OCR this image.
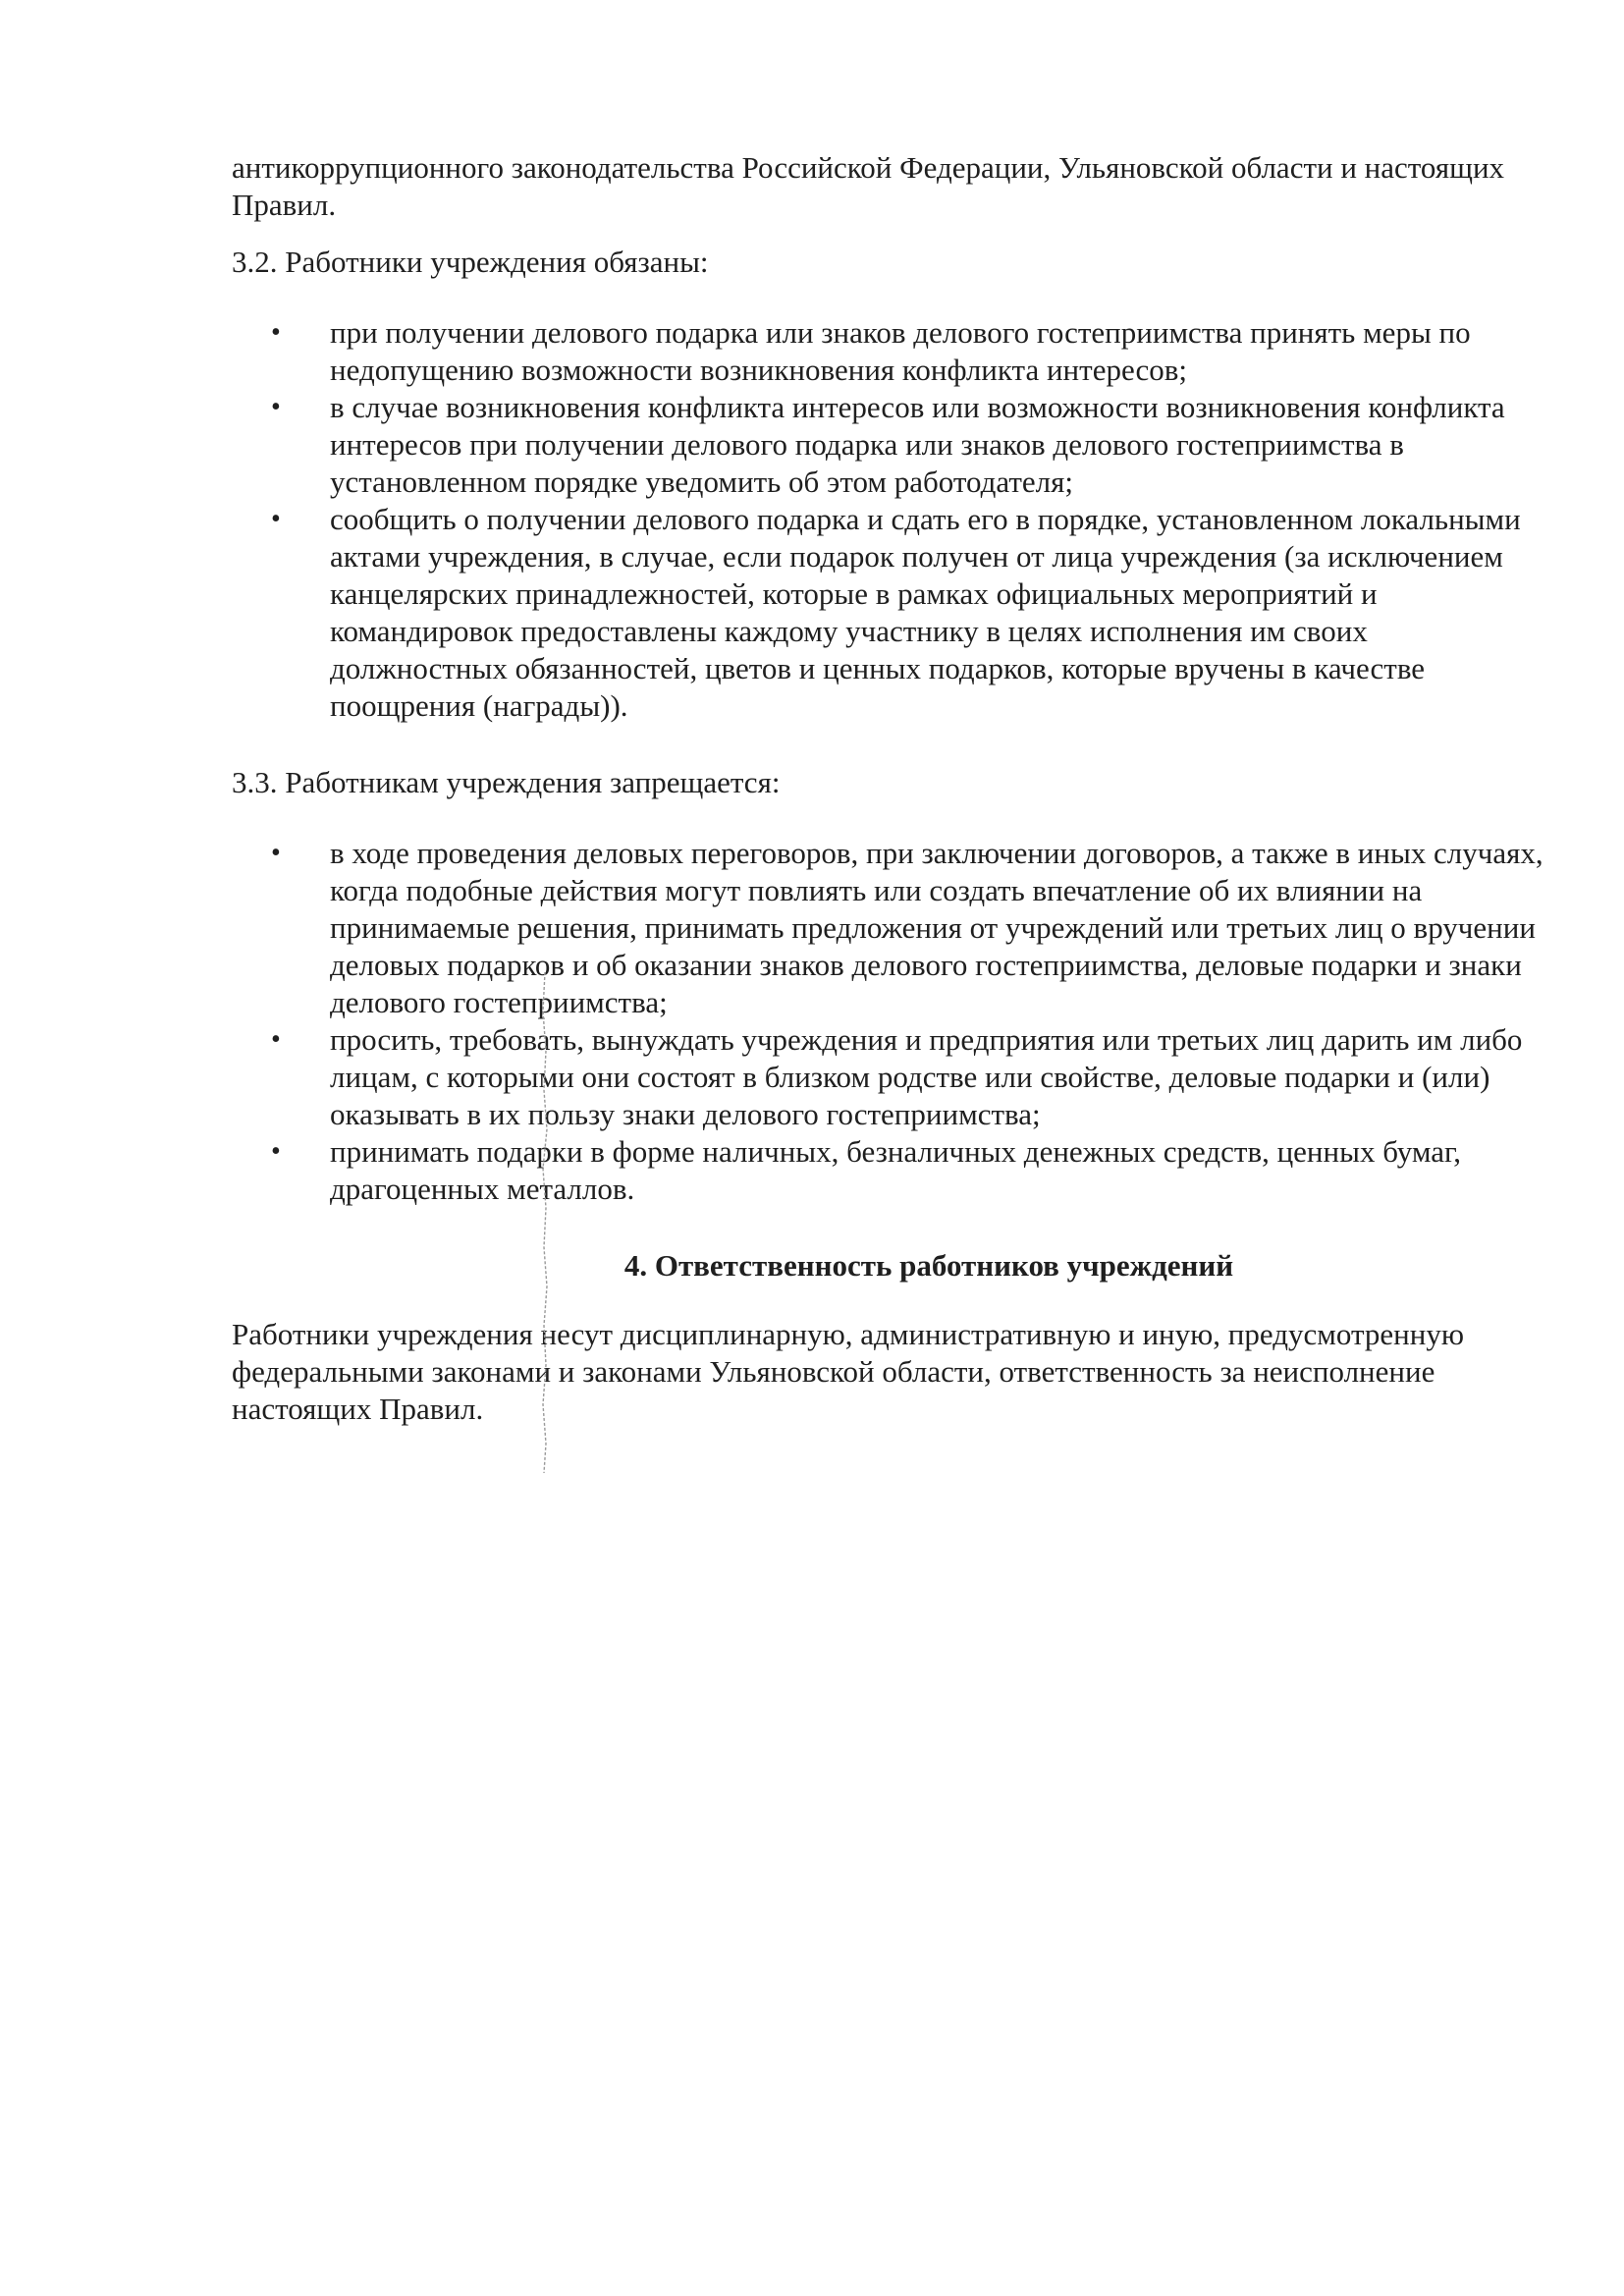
антикоррупционного законодательства Российской Федерации, Ульяновской области и настоящих Правил.

3.2. Работники учреждения обязаны:

• при получении делового подарка или знаков делового гостеприимства принять меры по недопущению возможности возникновения конфликта интересов;
• в случае возникновения конфликта интересов или возможности возникновения конфликта интересов при получении делового подарка или знаков делового гостеприимства в установленном порядке уведомить об этом работодателя;
• сообщить о получении делового подарка и сдать его в порядке, установленном локальными актами учреждения, в случае, если подарок получен от лица учреждения (за исключением канцелярских принадлежностей, которые в рамках официальных мероприятий и командировок предоставлены каждому участнику в целях исполнения им своих должностных обязанностей, цветов и ценных подарков, которые вручены в качестве поощрения (награды)).

3.3. Работникам учреждения запрещается:

• в ходе проведения деловых переговоров, при заключении договоров, а также в иных случаях, когда подобные действия могут повлиять или создать впечатление об их влиянии на принимаемые решения, принимать предложения от учреждений или третьих лиц о вручении деловых подарков и об оказании знаков делового гостеприимства, деловые подарки и знаки делового гостеприимства;
• просить, требовать, вынуждать учреждения и предприятия или третьих лиц дарить им либо лицам, с которыми они состоят в близком родстве или свойстве, деловые подарки и (или) оказывать в их пользу знаки делового гостеприимства;
• принимать подарки в форме наличных, безналичных денежных средств, ценных бумаг, драгоценных металлов.

4. Ответственность работников учреждений

Работники учреждения несут дисциплинарную, административную и иную, предусмотренную федеральными законами и законами Ульяновской области, ответственность за неисполнение настоящих Правил.
